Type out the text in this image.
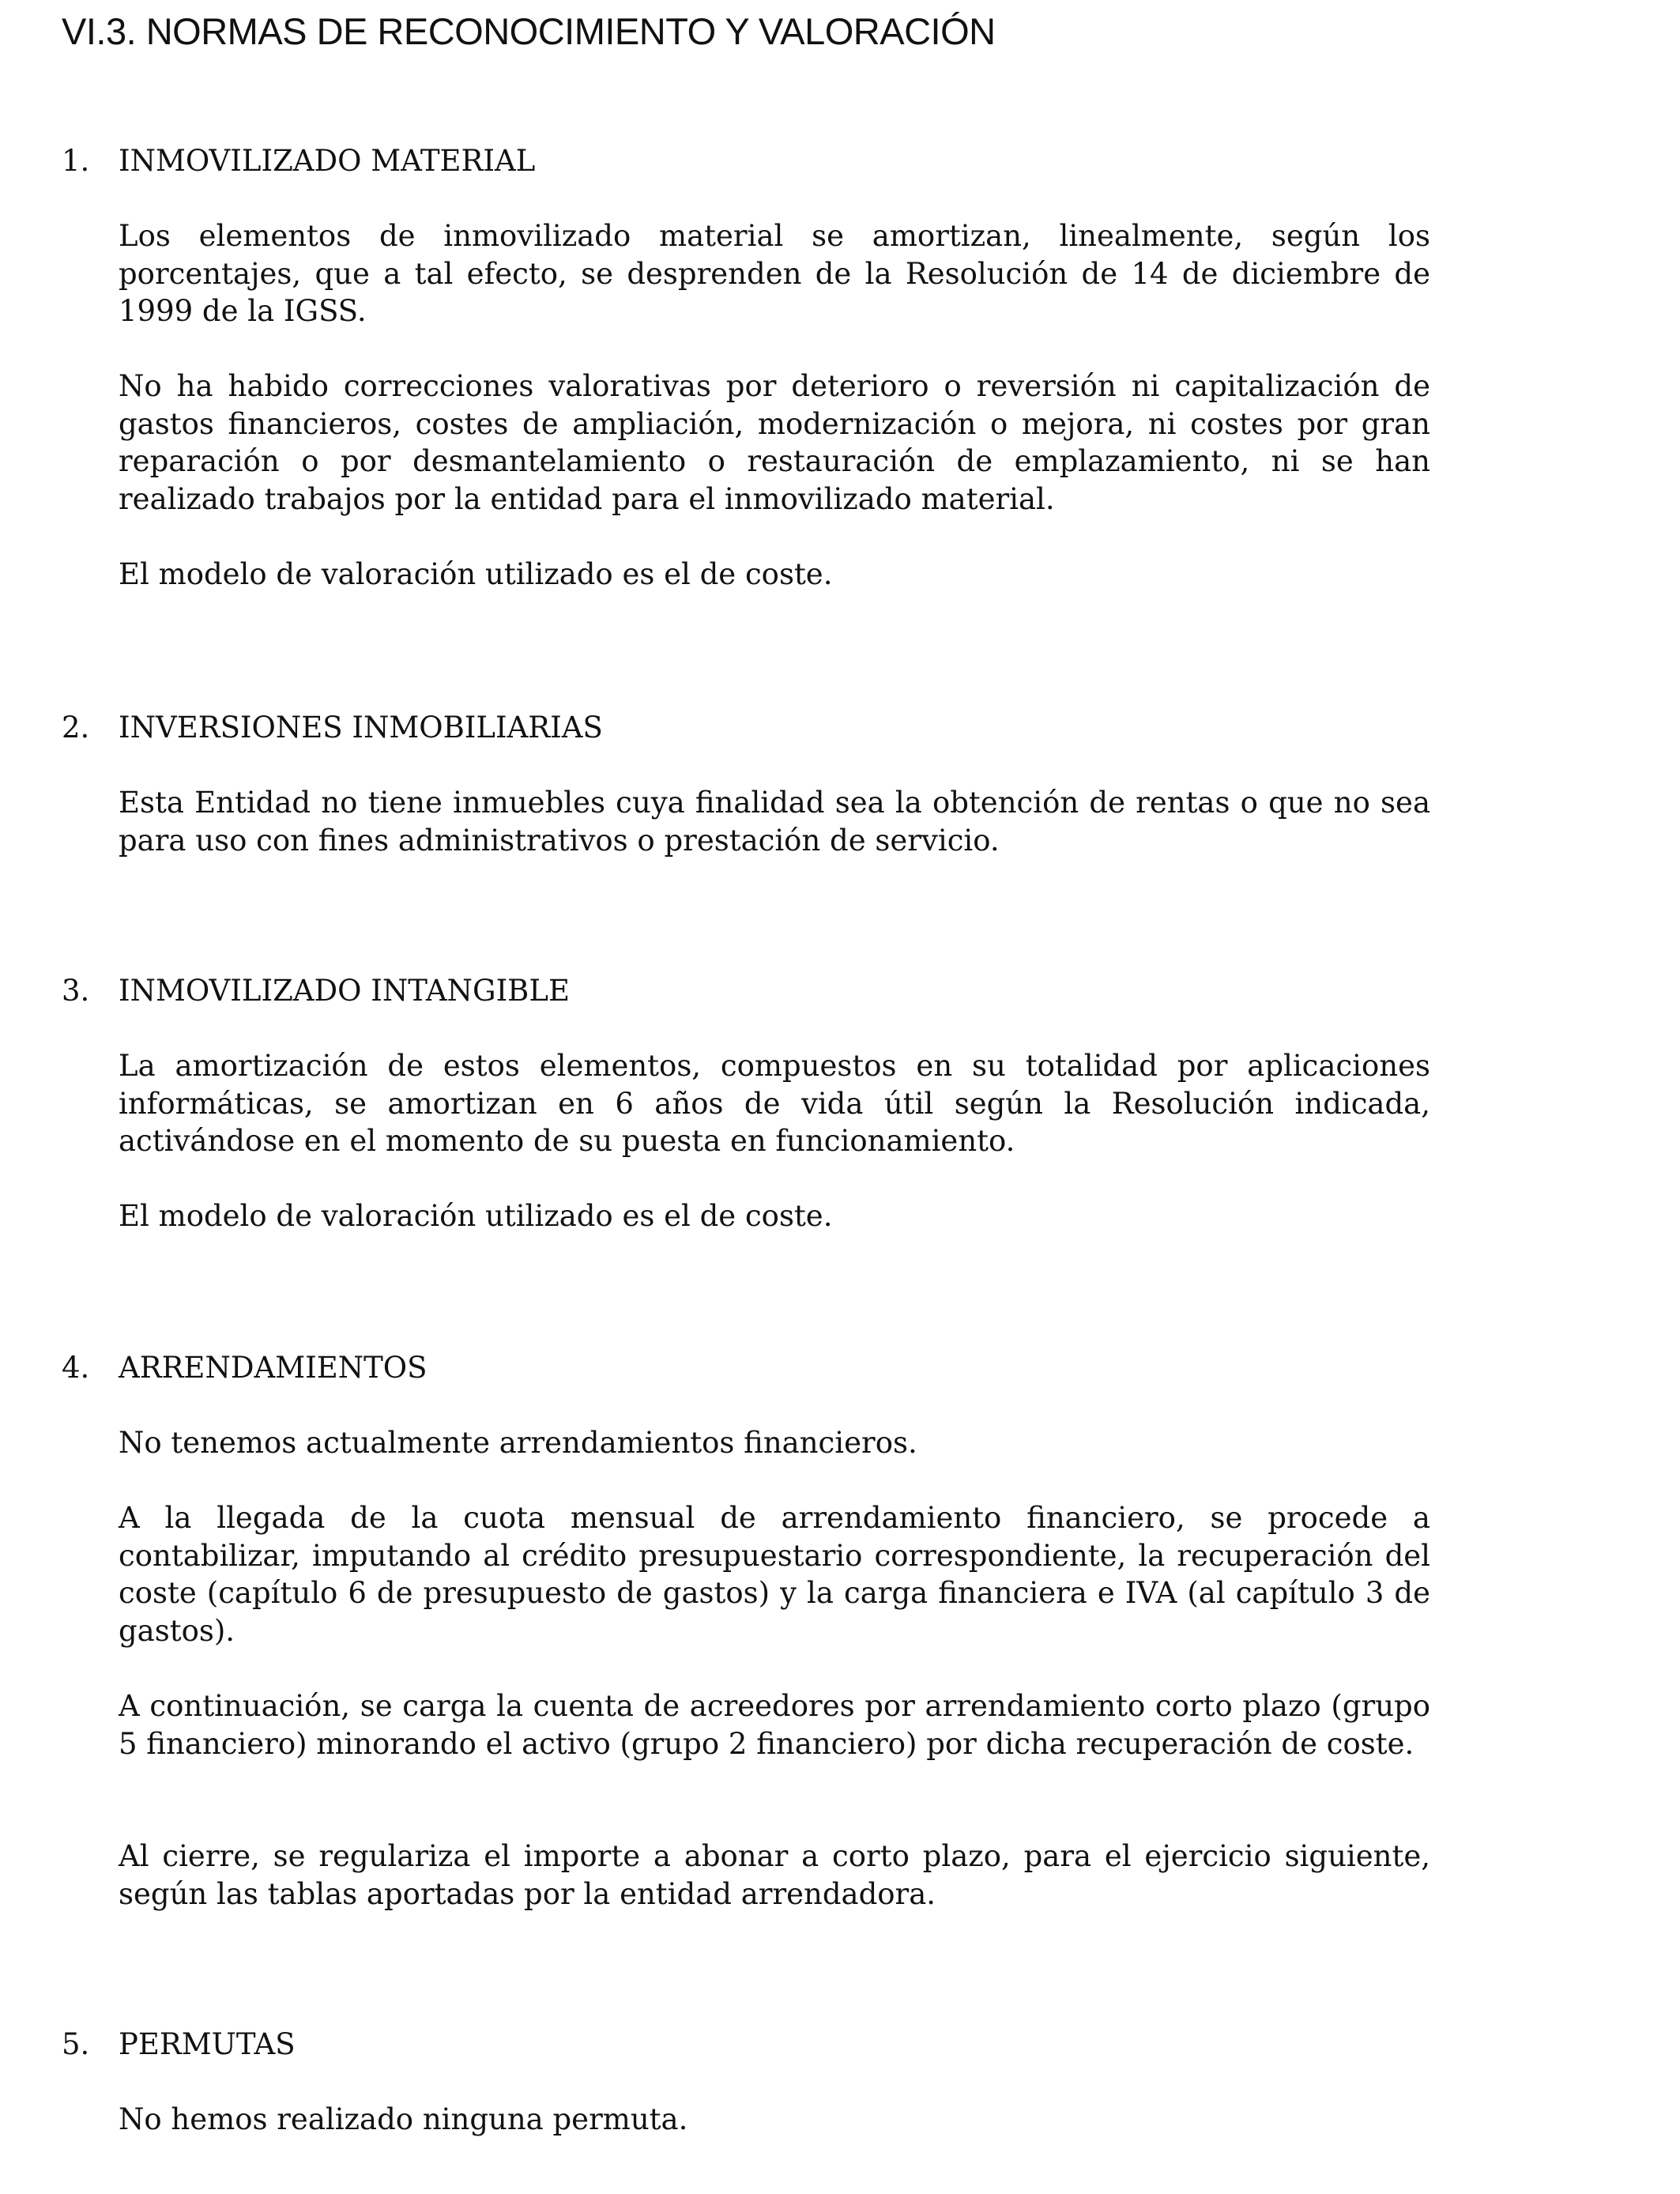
VI.3. NORMAS DE RECONOCIMIENTO Y VALORACIÓN
1. INMOVILIZADO MATERIAL

Los elementos de inmovilizado material se amortizan, linealmente, según los porcentajes, que a tal efecto, se desprenden de la Resolución de 14 de diciembre de 1999 de la IGSS.

No ha habido correcciones valorativas por deterioro o reversión ni capitalización de gastos financieros, costes de ampliación, modernización o mejora, ni costes por gran reparación o por desmantelamiento o restauración de emplazamiento, ni se han realizado trabajos por la entidad para el inmovilizado material.

El modelo de valoración utilizado es el de coste.

2. INVERSIONES INMOBILIARIAS

Esta Entidad no tiene inmuebles cuya finalidad sea la obtención de rentas o que no sea para uso con fines administrativos o prestación de servicio.

3. INMOVILIZADO INTANGIBLE

La amortización de estos elementos, compuestos en su totalidad por aplicaciones informáticas, se amortizan en 6 años de vida útil según la Resolución indicada, activándose en el momento de su puesta en funcionamiento.

El modelo de valoración utilizado es el de coste.

4. ARRENDAMIENTOS

No tenemos actualmente arrendamientos financieros.

A la llegada de la cuota mensual de arrendamiento financiero, se procede a contabilizar, imputando al crédito presupuestario correspondiente, la recuperación del coste (capítulo 6 de presupuesto de gastos) y la carga financiera e IVA (al capítulo 3 de gastos).

A continuación, se carga la cuenta de acreedores por arrendamiento corto plazo (grupo 5 financiero) minorando el activo (grupo 2 financiero) por dicha recuperación de coste.

Al cierre, se regulariza el importe a abonar a corto plazo, para el ejercicio siguiente, según las tablas aportadas por la entidad arrendadora.

5. PERMUTAS

No hemos realizado ninguna permuta.
